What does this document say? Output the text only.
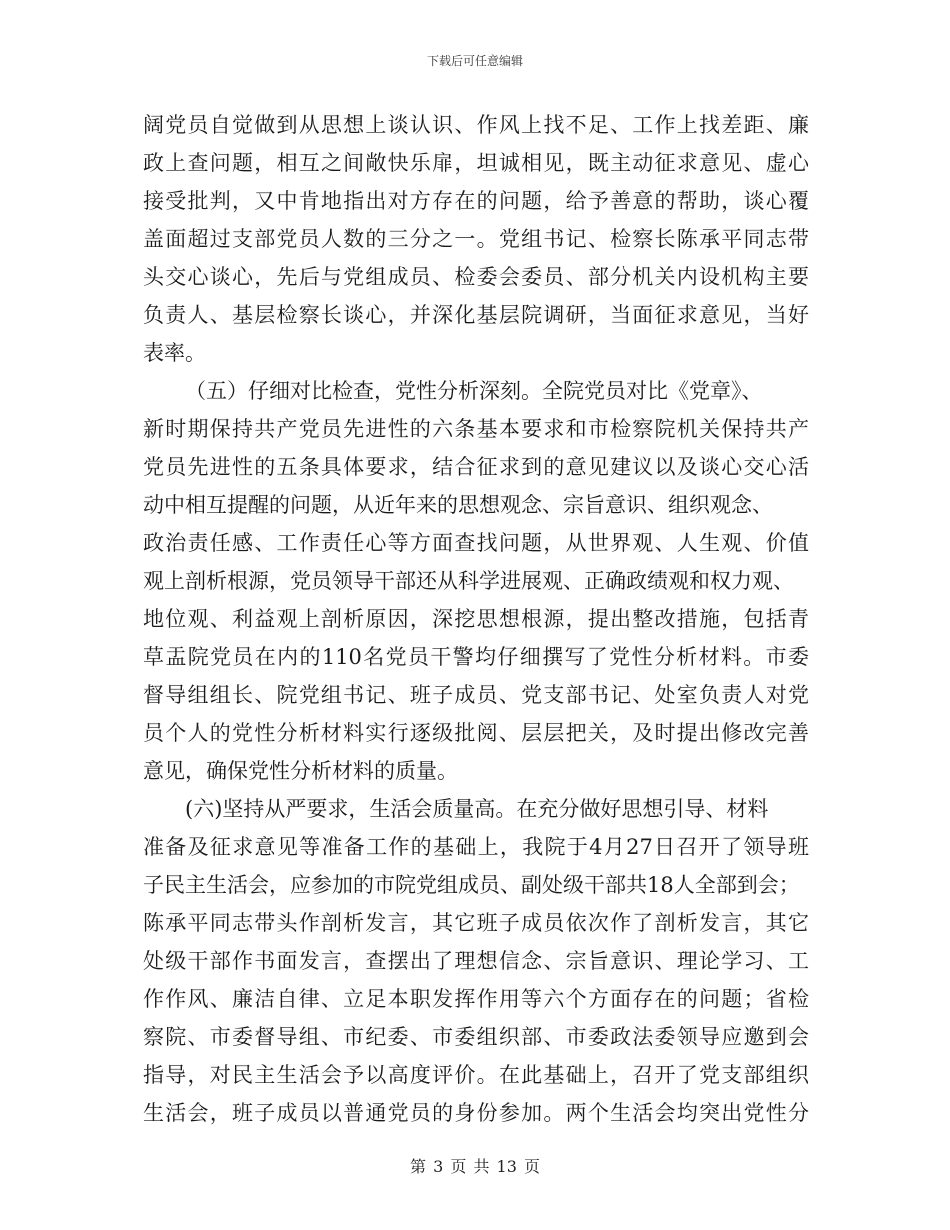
下载后可任意编辑
阔党员自觉做到从思想上谈认识、作风上找不足、工作上找差距、廉
政上查问题，相互之间敞快乐扉，坦诚相见，既主动征求意见、虚心
接受批判，又中肯地指出对方存在的问题，给予善意的帮助，谈心覆
盖面超过支部党员人数的三分之一。党组书记、检察长陈承平同志带
头交心谈心，先后与党组成员、检委会委员、部分机关内设机构主要
负责人、基层检察长谈心，并深化基层院调研，当面征求意见，当好
表率。
（五）仔细对比检查，党性分析深刻。全院党员对比《党章》、
新时期保持共产党员先进性的六条基本要求和市检察院机关保持共产
党员先进性的五条具体要求，结合征求到的意见建议以及谈心交心活
动中相互提醒的问题，从近年来的思想观念、宗旨意识、组织观念、
政治责任感、工作责任心等方面查找问题，从世界观、人生观、价值
观上剖析根源，党员领导干部还从科学进展观、正确政绩观和权力观、
地位观、利益观上剖析原因，深挖思想根源，提出整改措施，包括青
草盂院党员在内的110名党员干警均仔细撰写了党性分析材料。市委
督导组组长、院党组书记、班子成员、党支部书记、处室负责人对党
员个人的党性分析材料实行逐级批阅、层层把关，及时提出修改完善
意见，确保党性分析材料的质量。
(六)坚持从严要求，生活会质量高。在充分做好思想引导、材料
准备及征求意见等准备工作的基础上，我院于4月27日召开了领导班
子民主生活会，应参加的市院党组成员、副处级干部共18人全部到会；
陈承平同志带头作剖析发言，其它班子成员依次作了剖析发言，其它
处级干部作书面发言，查摆出了理想信念、宗旨意识、理论学习、工
作作风、廉洁自律、立足本职发挥作用等六个方面存在的问题；省检
察院、市委督导组、市纪委、市委组织部、市委政法委领导应邀到会
指导，对民主生活会予以高度评价。在此基础上，召开了党支部组织
生活会，班子成员以普通党员的身份参加。两个生活会均突出党性分
第 3 页 共 13 页
